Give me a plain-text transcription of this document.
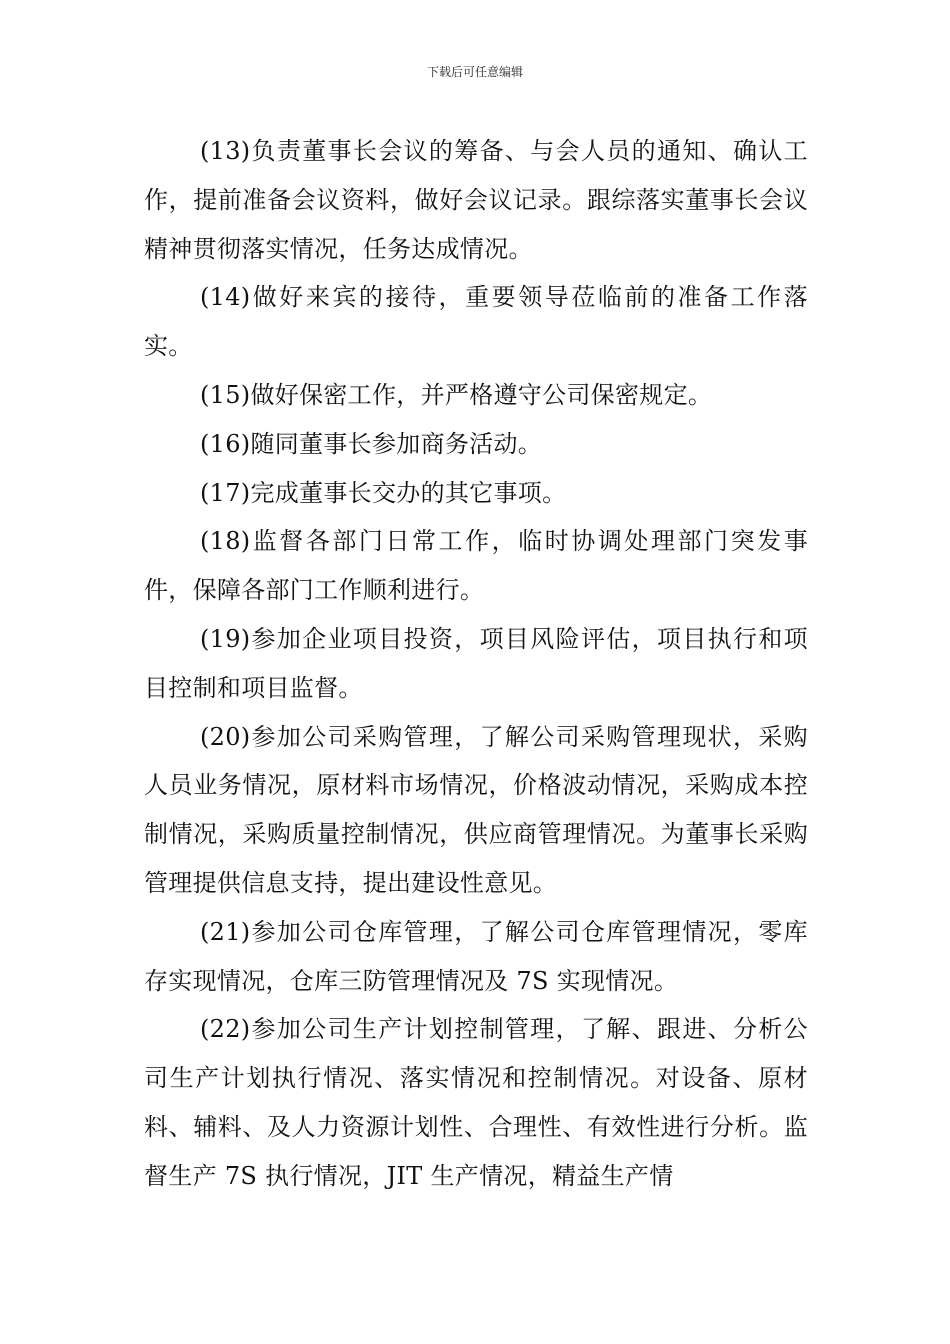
下载后可任意编辑

(13)负责董事长会议的筹备、与会人员的通知、确认工作，提前准备会议资料，做好会议记录。跟综落实董事长会议精神贯彻落实情况，任务达成情况。

(14)做好来宾的接待，重要领导莅临前的准备工作落实。

(15)做好保密工作，并严格遵守公司保密规定。

(16)随同董事长参加商务活动。

(17)完成董事长交办的其它事项。

(18)监督各部门日常工作，临时协调处理部门突发事件，保障各部门工作顺利进行。

(19)参加企业项目投资，项目风险评估，项目执行和项目控制和项目监督。

(20)参加公司采购管理，了解公司采购管理现状，采购人员业务情况，原材料市场情况，价格波动情况，采购成本控制情况，采购质量控制情况，供应商管理情况。为董事长采购管理提供信息支持，提出建设性意见。

(21)参加公司仓库管理，了解公司仓库管理情况，零库存实现情况，仓库三防管理情况及 7S 实现情况。

(22)参加公司生产计划控制管理，了解、跟进、分析公司生产计划执行情况、落实情况和控制情况。对设备、原材料、辅料、及人力资源计划性、合理性、有效性进行分析。监督生产 7S 执行情况，JIT 生产情况，精益生产情
